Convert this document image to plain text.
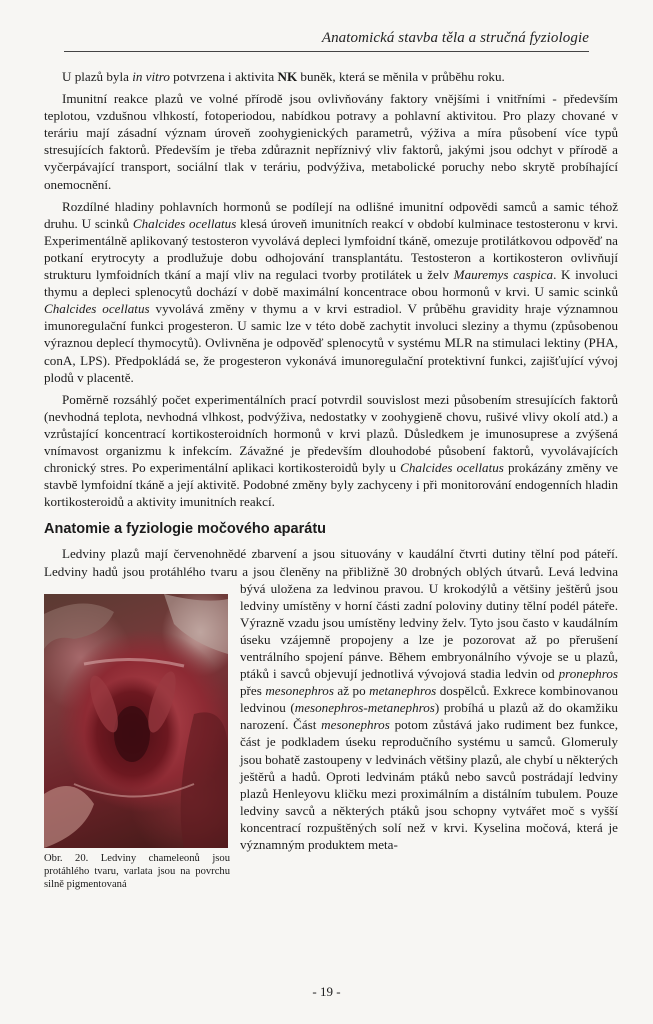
Anatomická stavba těla a stručná fyziologie

U plazů byla in vitro potvrzena i aktivita NK buněk, která se měnila v průběhu roku.

Imunitní reakce plazů ve volné přírodě jsou ovlivňovány faktory vnějšími i vnitřními - především teplotou, vzdušnou vlhkostí, fotoperiodou, nabídkou potravy a pohlavní aktivitou. Pro plazy chované v teráriu mají zásadní význam úroveň zoohygienických parametrů, výživa a míra působení více typů stresujících faktorů. Především je třeba zdůraznit nepříznivý vliv faktorů, jakými jsou odchyt v přírodě a vyčerpávající transport, sociální tlak v teráriu, podvýživa, metabolické poruchy nebo skrytě probíhající onemocnění.

Rozdílné hladiny pohlavních hormonů se podílejí na odlišné imunitní odpovědi samců a samic téhož druhu. U scinků Chalcides ocellatus klesá úroveň imunitních reakcí v období kulminace testosteronu v krvi. Experimentálně aplikovaný testosteron vyvolává depleci lymfoidní tkáně, omezuje protilátkovou odpověď na potkaní erytrocyty a prodlužuje dobu odhojování transplantátu. Testosteron a kortikosteron ovlivňují strukturu lymfoidních tkání a mají vliv na regulaci tvorby protilátek u želv Mauremys caspica. K involuci thymu a depleci splenocytů dochází v době maximální koncentrace obou hormonů v krvi. U samic scinků Chalcides ocellatus vyvolává změny v thymu a v krvi estradiol. V průběhu gravidity hraje významnou imunoregulační funkci progesteron. U samic lze v této době zachytit involuci sleziny a thymu (způsobenou výraznou deplecí thymocytů). Ovlivněna je odpověď splenocytů v systému MLR na stimulaci lektiny (PHA, conA, LPS). Předpokládá se, že progesteron vykonává imunoregulační protektivní funkci, zajišťující vývoj plodů v placentě.

Poměrně rozsáhlý počet experimentálních prací potvrdil souvislost mezi působením stresujících faktorů (nevhodná teplota, nevhodná vlhkost, podvýživa, nedostatky v zoohygieně chovu, rušivé vlivy okolí atd.) a vzrůstající koncentrací kortikosteroidních hormonů v krvi plazů. Důsledkem je imunosuprese a zvýšená vnímavost organizmu k infekcím. Závažné je především dlouhodobé působení faktorů, vyvolávajících chronický stres. Po experimentální aplikaci kortikosteroidů byly u Chalcides ocellatus prokázány změny ve stavbě lymfoidní tkáně a její aktivitě. Podobné změny byly zachyceny i při monitorování endogenních hladin kortikosteroidů a aktivity imunitních reakcí.

Anatomie a fyziologie močového aparátu

Ledviny plazů mají červenohnědé zbarvení a jsou situovány v kaudální čtvrti dutiny tělní pod páteří. Ledviny hadů jsou protáhlého tvaru a jsou členěny na přibližně 30 drobných oblých útva
Obr. 20. Ledviny chameleonů jsou protáhlého tvaru, varlata jsou na povrchu silně pigmentovaná
rů. Levá ledvina bývá uložena za ledvinou pravou. U krokodýlů a většiny ještěrů jsou ledviny umístěny v horní části zadní poloviny dutiny tělní podél páteře. Výrazně vzadu jsou umístěny ledviny želv. Tyto jsou často v kaudálním úseku vzájemně propojeny a lze je pozorovat až po přerušení ventrálního spojení pánve. Během embryonálního vývoje se u plazů, ptáků i savců objevují jednotlivá vývojová stadia ledvin od pronephros přes mesonephros až po metanephros dospělců. Exkrece kombinovanou ledvinou (mesonephros-metanephros) probíhá u plazů až do okamžiku narození. Část mesonephros potom zůstává jako rudiment bez funkce, část je podkladem úseku reprodučního systému u samců. Glomeruly jsou bohatě zastoupeny v ledvinách většiny plazů, ale chybí u některých ještěrů a hadů. Oproti ledvinám ptáků nebo savců postrádají ledviny plazů Henleyovu kličku mezi proximálním a distálním tubulem. Pouze ledviny savců a některých ptáků jsou schopny vytvářet moč s vyšší koncentrací rozpuštěných solí než v krvi. Kyselina močová, která je významným produktem meta-

- 19 -
